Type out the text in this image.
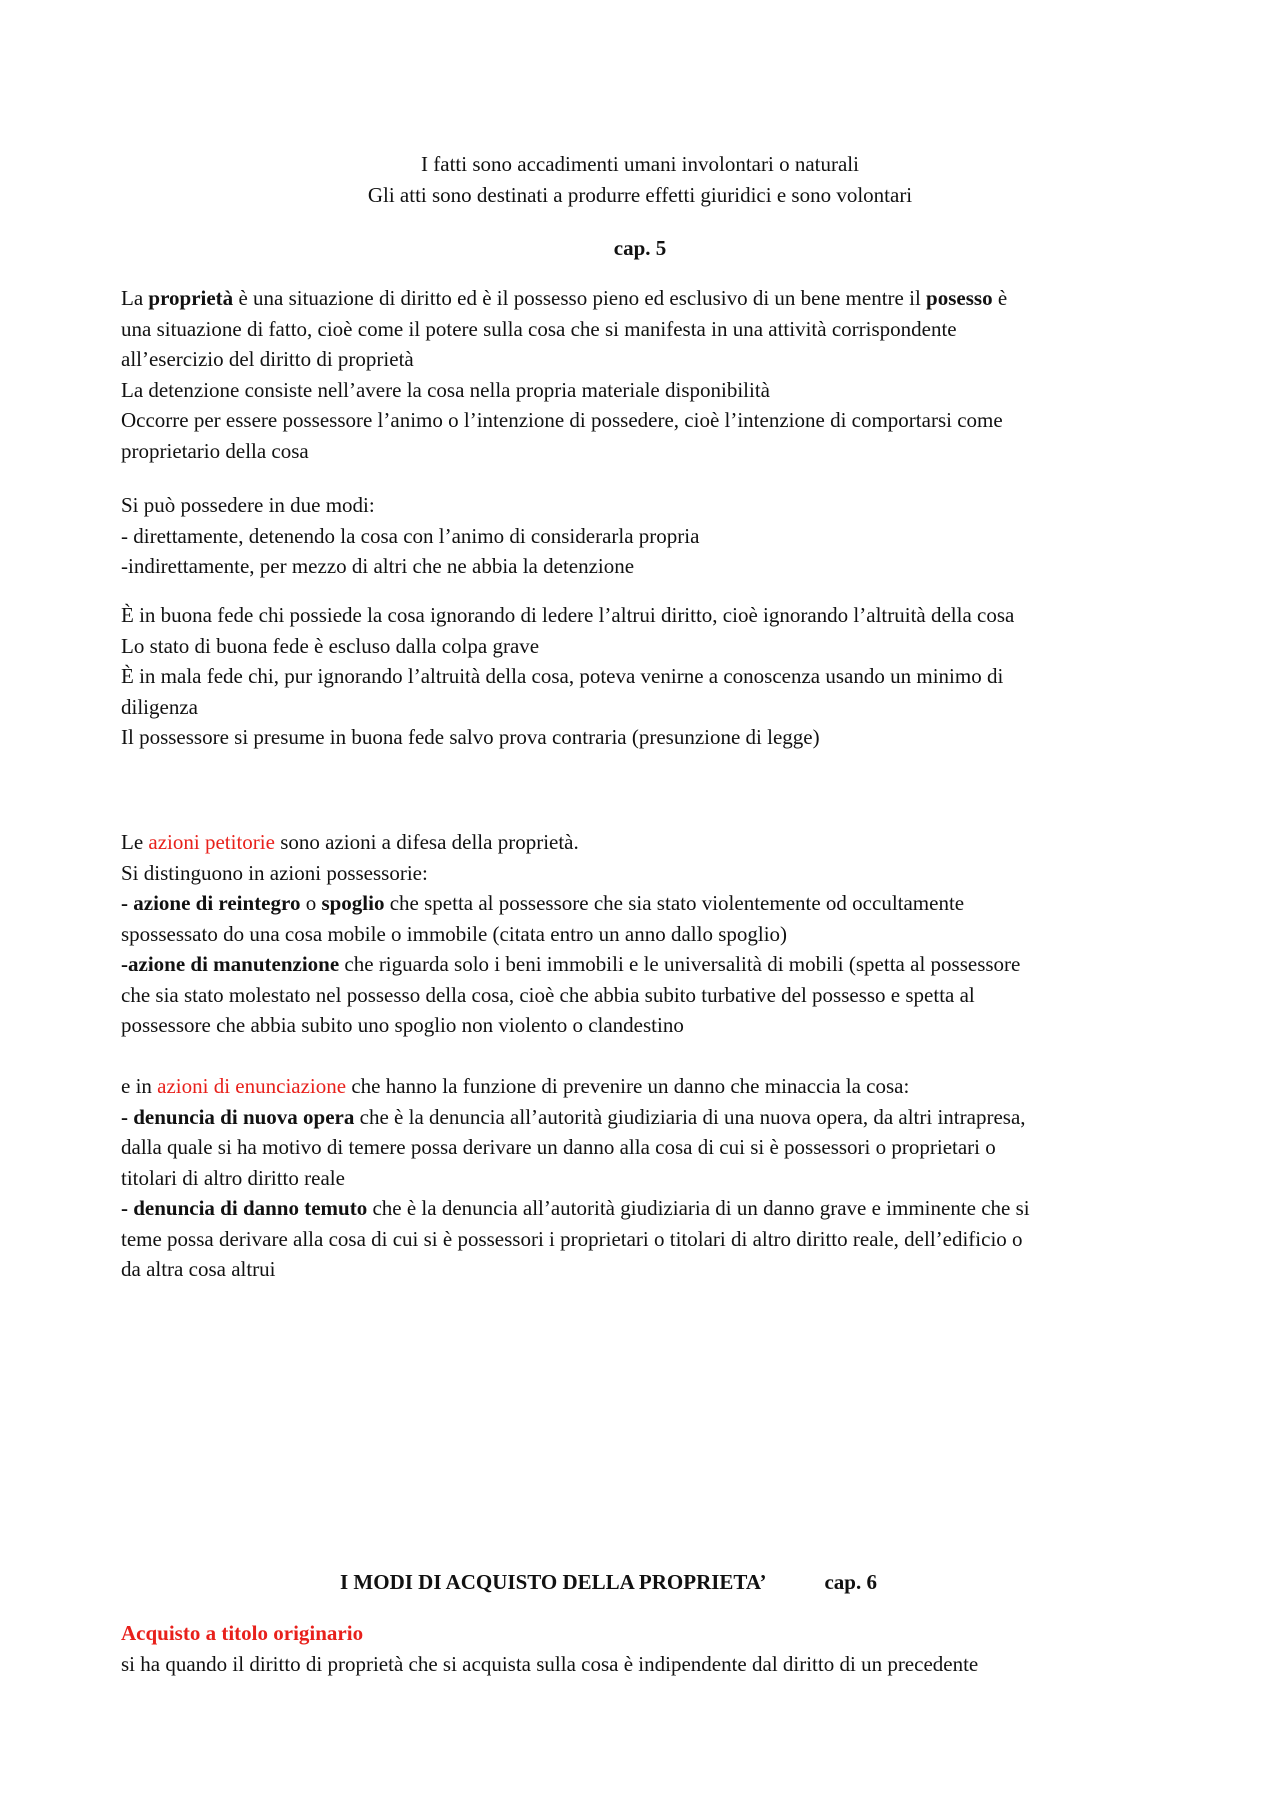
I fatti sono accadimenti umani involontari o naturali
Gli atti sono destinati a produrre effetti giuridici e sono volontari
cap. 5
La proprietà è una situazione di diritto ed è il possesso pieno ed esclusivo di un bene mentre il posesso è
una situazione di fatto, cioè come il potere sulla cosa che si manifesta in una attività corrispondente
all’esercizio del diritto di proprietà
La detenzione consiste nell’avere la cosa nella propria materiale disponibilità
Occorre per essere possessore l’animo o l’intenzione di possedere, cioè l’intenzione di comportarsi come
proprietario della cosa
Si può possedere in due modi:
- direttamente, detenendo la cosa con l’animo di considerarla propria
-indirettamente, per mezzo di altri che ne abbia la detenzione
È in buona fede chi possiede la cosa ignorando di ledere l’altrui diritto, cioè ignorando l’altruità della cosa
Lo stato di buona fede è escluso dalla colpa grave
È in mala fede chi, pur ignorando l’altruità della cosa, poteva venirne a conoscenza usando un minimo di
diligenza
Il possessore si presume in buona fede salvo prova contraria (presunzione di legge)
Le azioni petitorie sono azioni a difesa della proprietà.
Si distinguono in azioni possessorie:
- azione di reintegro o spoglio che spetta al possessore che sia stato violentemente od occultamente
spossessato do una cosa mobile o immobile (citata entro un anno dallo spoglio)
-azione di manutenzione che riguarda solo i beni immobili e le universalità di mobili (spetta al possessore
che sia stato molestato nel possesso della cosa, cioè che abbia subito turbative del possesso e spetta al
possessore che abbia subito uno spoglio non violento o clandestino
e in azioni di enunciazione che hanno la funzione di prevenire un danno che minaccia la cosa:
- denuncia di nuova opera che è la denuncia all’autorità giudiziaria di una nuova opera, da altri intrapresa,
dalla quale si ha motivo di temere possa derivare un danno alla cosa di cui si è possessori o proprietari o
titolari di altro diritto reale
- denuncia di danno temuto che è la denuncia all’autorità giudiziaria di un danno grave e imminente che si
teme possa derivare alla cosa di cui si è possessori i proprietari o titolari di altro diritto reale, dell’edificio o
da altra cosa altrui
I MODI DI ACQUISTO DELLA PROPRIETA’	cap. 6
Acquisto a titolo originario
si ha quando il diritto di proprietà che si acquista sulla cosa è indipendente dal diritto di un precedente
